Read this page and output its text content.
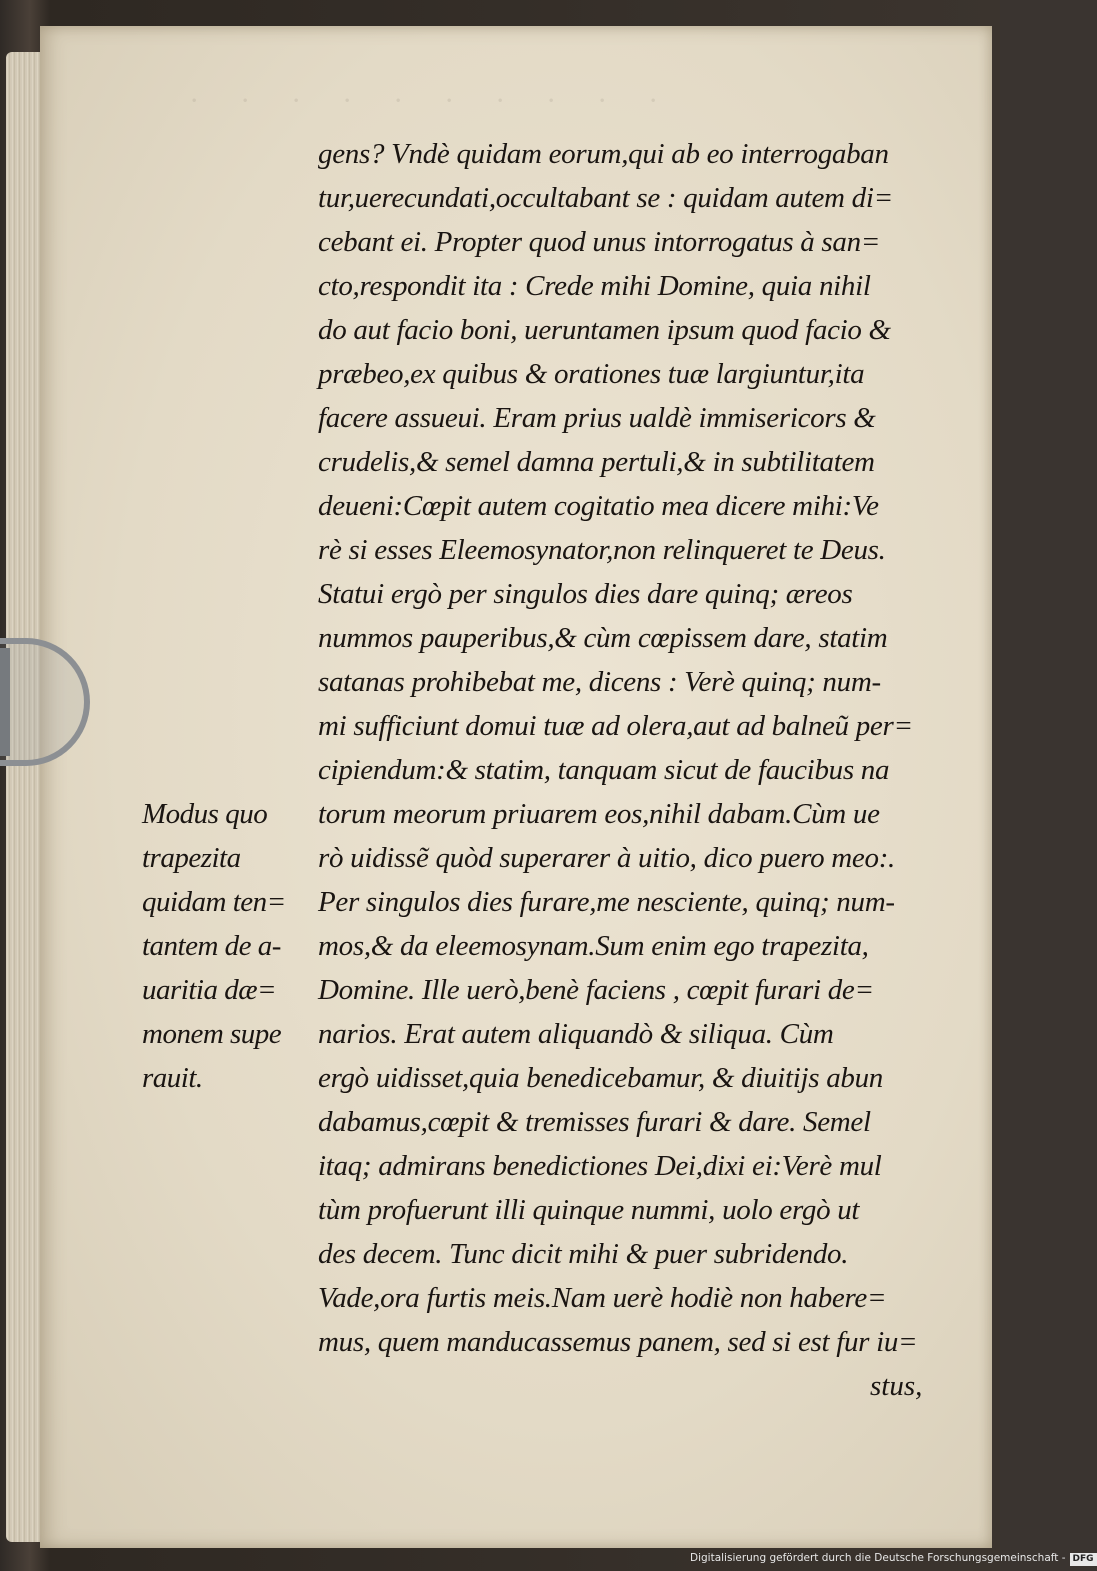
· · · · · · · · · ·
gens? Vndè quidam eorum,qui ab eo interrogaban
tur,uerecundati,occultabant se : quidam autem di=
cebant ei. Propter quod unus intorrogatus à san=
cto,respondit ita : Crede mihi Domine, quia nihil
do aut facio boni, ueruntamen ipsum quod facio &
præbeo,ex quibus & orationes tuæ largiuntur,ita
facere assueui. Eram prius ualdè immisericors &
crudelis,& semel damna pertuli,& in subtilitatem
deueni:Cœpit autem cogitatio mea dicere mihi:Ve
rè si esses Eleemosynator,non relinqueret te Deus.
Statui ergò per singulos dies dare quinq; æreos
nummos pauperibus,& cùm cœpissem dare, statim
satanas prohibebat me, dicens : Verè quinq; num-
mi sufficiunt domui tuæ ad olera,aut ad balneũ per=
cipiendum:& statim, tanquam sicut de faucibus na
torum meorum priuarem eos,nihil dabam.Cùm ue
rò uidissẽ quòd superarer à uitio, dico puero meo:.
Per singulos dies furare,me nesciente, quinq; num-
mos,& da eleemosynam.Sum enim ego trapezita,
Domine. Ille uerò,benè faciens , cœpit furari de=
narios. Erat autem aliquandò & siliqua. Cùm
ergò uidisset,quia benedicebamur, & diuitijs abun
dabamus,cœpit & tremisses furari & dare. Semel
itaq; admirans benedictiones Dei,dixi ei:Verè mul
tùm profuerunt illi quinque nummi, uolo ergò ut
des decem. Tunc dicit mihi & puer subridendo.
Vade,ora furtis meis.Nam uerè hodiè non habere=
mus, quem manducassemus panem, sed si est fur iu=
stus,
Modus quo
trapezita
quidam ten=
tantem de a-
uaritia dæ=
monem supe
rauit.
Digitalisierung gefördert durch die Deutsche Forschungsgemeinschaft - DFG
